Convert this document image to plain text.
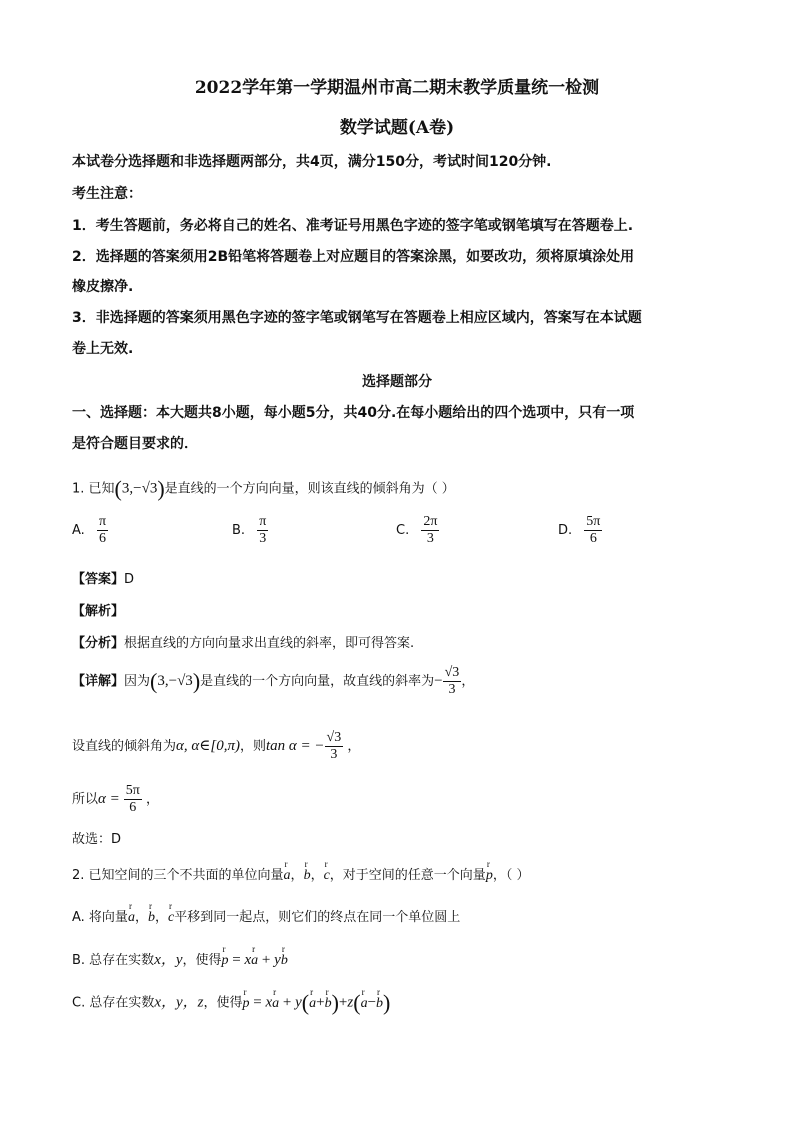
2022学年第一学期温州市高二期末教学质量统一检测
数学试题(A卷)
本试卷分选择题和非选择题两部分，共4页，满分150分，考试时间120分钟.
考生注意：
1．考生答题前，务必将自己的姓名、准考证号用黑色字迹的签字笔或钢笔填写在答题卷上.
2．选择题的答案须用2B铅笔将答题卷上对应题目的答案涂黑，如要改功，须将原填涂处用
橡皮擦净.
3．非选择题的答案须用黑色字迹的签字笔或钢笔写在答题卷上相应区域内，答案写在本试题
卷上无效.
选择题部分
一、选择题：本大题共8小题，每小题5分，共40分.在每小题给出的四个选项中，只有一项
是符合题目要求的．
1. 已知(3,−√3)是直线的一个方向向量，则该直线的倾斜角为（ ）
A. $\frac{\pi}{6}$	B. $\frac{\pi}{3}$	C. $\frac{2\pi}{3}$	D. $\frac{5\pi}{6}$
【答案】D
【解析】
【分析】根据直线的方向向量求出直线的斜率，即可得答案.
【详解】因为(3,−√3)是直线的一个方向向量，故直线的斜率为− $\frac{√3}{3}$ ，
设直线的倾斜角为α, α∈[0,π)，则tan α = − $\frac{√3}{3}$ ，
所以$\alpha = \frac{5\pi}{6}$ ，
故选：D
2. 已知空间的三个不共面的单位向量r a，r b，r c，对于空间的任意一个向量r p，（ ）
A. 将向量r a，r b，r c平移到同一起点，则它们的终点在同一个单位圆上
B. 总存在实数x，y，使得r p = xr a + yr b
C. 总存在实数x，y，z，使得r p = xr a + y(r a+r b)+z(r a−r b)
